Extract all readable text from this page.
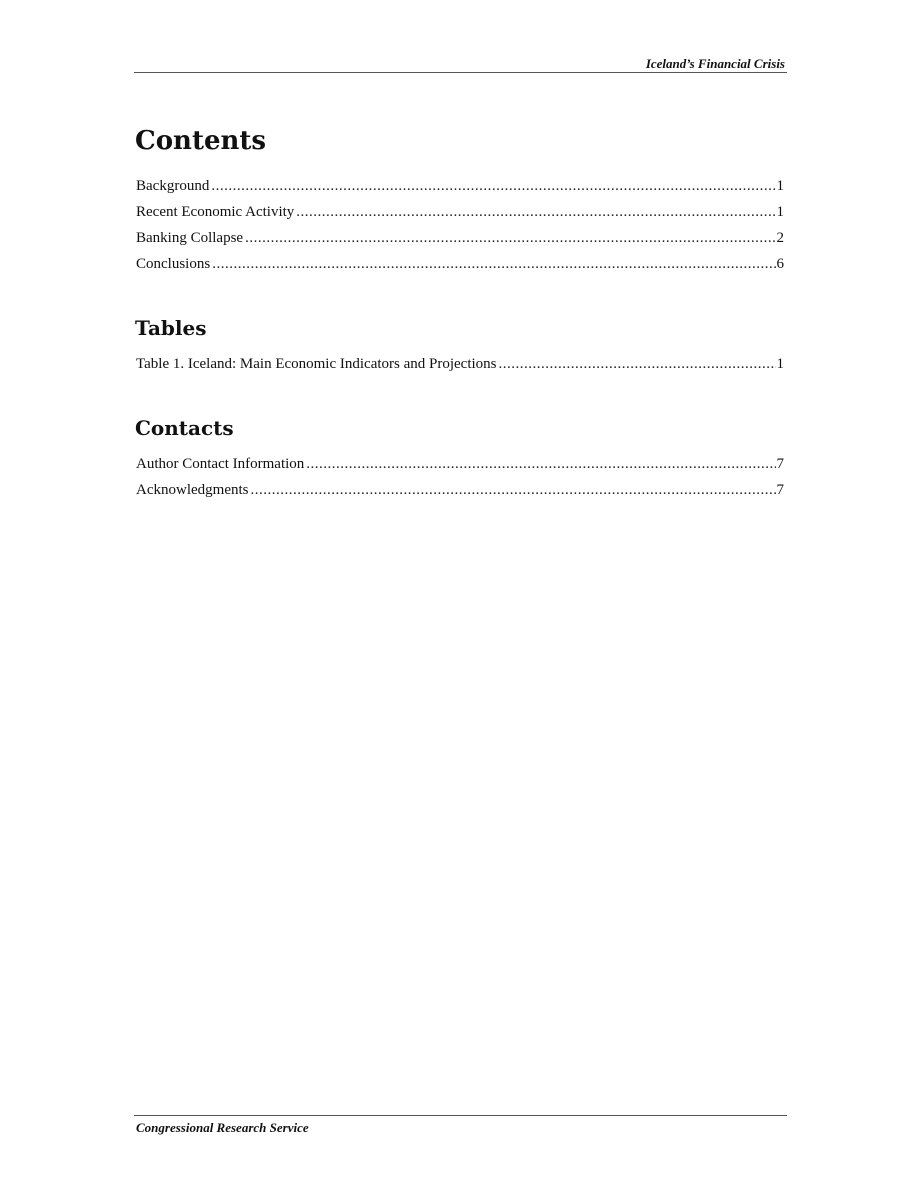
Iceland’s Financial Crisis
Contents
Background .....	1
Recent Economic Activity .....	1
Banking Collapse .....	2
Conclusions .....	6
Tables
Table 1. Iceland: Main Economic Indicators and Projections .....	1
Contacts
Author Contact Information .....	7
Acknowledgments .....	7
Congressional Research Service
